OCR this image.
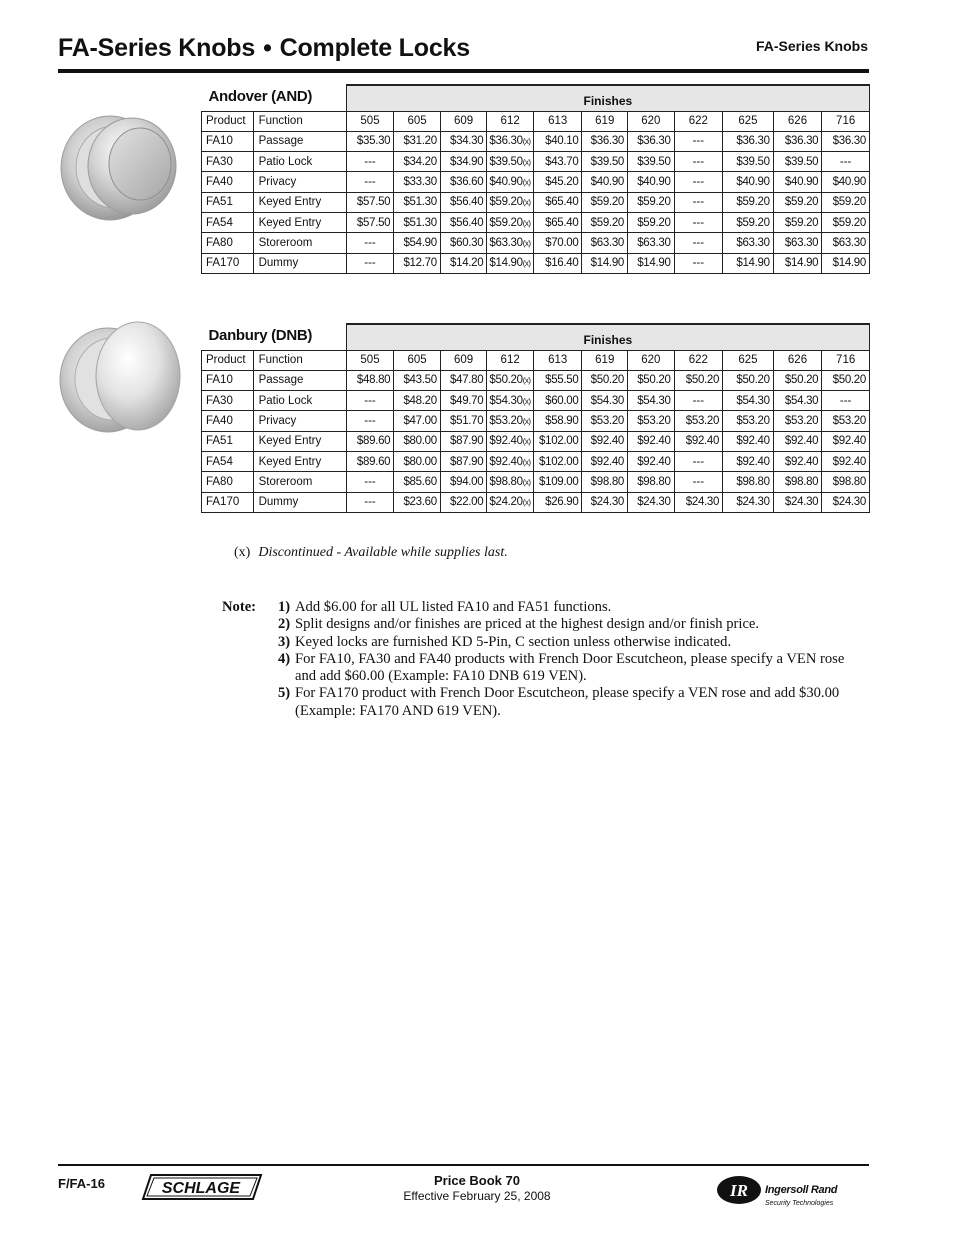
FA-Series Knobs • Complete Locks	FA-Series Knobs
Andover (AND)		Finishes										
Product	Function	505	605	609	612	613	619	620	622	625	626	716
FA10	Passage	$35.30	$31.20	$34.30	$36.30(x)	$40.10	$36.30	$36.30	---	$36.30	$36.30	$36.30
FA30	Patio Lock	---	$34.20	$34.90	$39.50(x)	$43.70	$39.50	$39.50	---	$39.50	$39.50	---
FA40	Privacy	---	$33.30	$36.60	$40.90(x)	$45.20	$40.90	$40.90	---	$40.90	$40.90	$40.90
FA51	Keyed Entry	$57.50	$51.30	$56.40	$59.20(x)	$65.40	$59.20	$59.20	---	$59.20	$59.20	$59.20
FA54	Keyed Entry	$57.50	$51.30	$56.40	$59.20(x)	$65.40	$59.20	$59.20	---	$59.20	$59.20	$59.20
FA80	Storeroom	---	$54.90	$60.30	$63.30(x)	$70.00	$63.30	$63.30	---	$63.30	$63.30	$63.30
FA170	Dummy	---	$12.70	$14.20	$14.90(x)	$16.40	$14.90	$14.90	---	$14.90	$14.90	$14.90
Danbury (DNB)		Finishes										
Product	Function	505	605	609	612	613	619	620	622	625	626	716
FA10	Passage	$48.80	$43.50	$47.80	$50.20(x)	$55.50	$50.20	$50.20	$50.20	$50.20	$50.20	$50.20
FA30	Patio Lock	---	$48.20	$49.70	$54.30(x)	$60.00	$54.30	$54.30	---	$54.30	$54.30	---
FA40	Privacy	---	$47.00	$51.70	$53.20(x)	$58.90	$53.20	$53.20	$53.20	$53.20	$53.20	$53.20
FA51	Keyed Entry	$89.60	$80.00	$87.90	$92.40(x)	$102.00	$92.40	$92.40	$92.40	$92.40	$92.40	$92.40
FA54	Keyed Entry	$89.60	$80.00	$87.90	$92.40(x)	$102.00	$92.40	$92.40	---	$92.40	$92.40	$92.40
FA80	Storeroom	---	$85.60	$94.00	$98.80(x)	$109.00	$98.80	$98.80	---	$98.80	$98.80	$98.80
FA170	Dummy	---	$23.60	$22.00	$24.20(x)	$26.90	$24.30	$24.30	$24.30	$24.30	$24.30	$24.30
(x) Discontinued - Available while supplies last.
Note: 1) Add $6.00 for all UL listed FA10 and FA51 functions.
2) Split designs and/or finishes are priced at the highest design and/or finish price.
3) Keyed locks are furnished KD 5-Pin, C section unless otherwise indicated.
4) For FA10, FA30 and FA40 products with French Door Escutcheon, please specify a VEN rose and add $60.00 (Example: FA10 DNB 619 VEN).
5) For FA170 product with French Door Escutcheon, please specify a VEN rose and add $30.00 (Example: FA170 AND 619 VEN).
F/FA-16	SCHLAGE	Price Book 70
Effective February 25, 2008	IR Ingersoll Rand
Security Technologies
